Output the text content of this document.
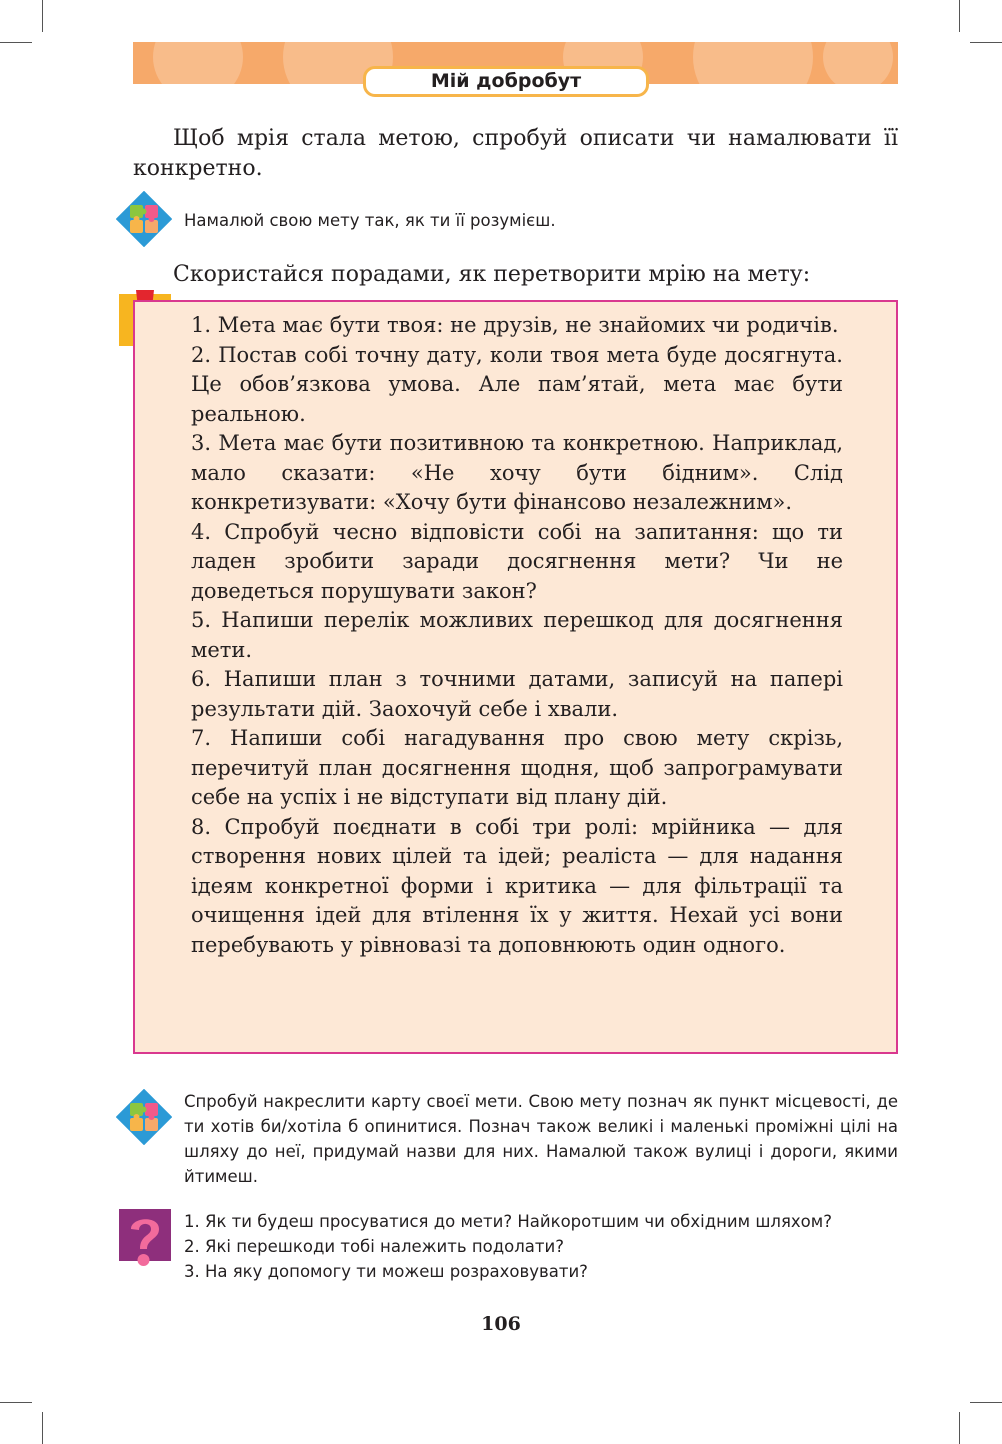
Мій добробут
Щоб мрія стала метою, спробуй описати чи намалювати її конкретно.
Намалюй свою мету так, як ти її розумієш.
Скористайся порадами, як перетворити мрію на мету:
1. Мета має бути твоя: не друзів, не знайомих чи родичів.
2. Постав собі точну дату, коли твоя мета буде досягнута. Це обов’язкова умова. Але пам’ятай, мета має бути реальною.
3. Мета має бути позитивною та конкретною. Наприклад, мало сказати: «Не хочу бути бідним». Слід конкретизувати: «Хочу бути фінансово незалежним».
4. Спробуй чесно відповісти собі на запитання: що ти ладен зробити заради досягнення мети? Чи не доведеться порушувати закон?
5. Напиши перелік можливих перешкод для досягнення мети.
6. Напиши план з точними датами, записуй на папері результати дій. Заохочуй себе і хвали.
7. Напиши собі нагадування про свою мету скрізь, перечитуй план досягнення щодня, щоб запрограмувати себе на успіх і не відступати від плану дій.
8. Спробуй поєднати в собі три ролі: мрійника — для створення нових цілей та ідей; реаліста — для надання ідеям конкретної форми і критика — для фільтрації та очищення ідей для втілення їх у життя. Нехай усі вони перебувають у рівновазі та доповнюють один одного.
Спробуй накреслити карту своєї мети. Свою мету познач як пункт місцевості, де ти хотів би/хотіла б опинитися. Познач також великі і маленькі проміжні цілі на шляху до неї, придумай назви для них. Намалюй також вулиці і дороги, якими йтимеш.
1. Як ти будеш просуватися до мети? Найкоротшим чи обхідним шляхом?
2. Які перешкоди тобі належить подолати?
3. На яку допомогу ти можеш розраховувати?
106
